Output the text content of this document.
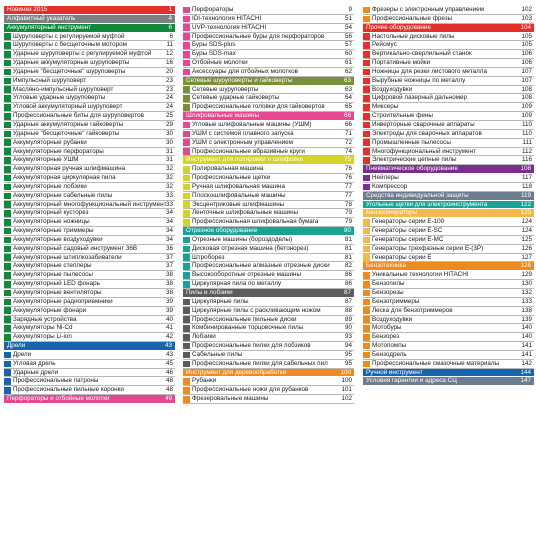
Новинки 2015	1
Алфавитный указатель	4
Аккумуляторный инструмент	6
Шуруповерты с регулируемой муфтой	6
Шуруповерты с бесщеточным мотором	11
Ударные шуруповерты с регулируемой муфтой 12
Ударные аккумуляторные шуруповерты	16
Ударные "бесщеточные" шуруповерты	20
Импульсный шуруповерт	23
Масляно-импульсный шуруповерт	23
Угловые ударные шуруповерты	24
Угловой аккумуляторный шуруповерт	24
Профессиональные биты для шуруповертов	25
Ударные аккумуляторные гайковерты	29
Ударные "бесщеточные" гайковерты	30
Аккумуляторные рубанки	30
Аккумуляторные перфораторы	31
Аккумуляторные УШМ	31
Аккумуляторная ручная шлифмашина	32
Аккумуляторная циркулярная пила	32
Аккумуляторные лобзики	32
Аккумуляторные сабельные пилы	33
Аккумуляторный многофункциональный инструмент 33
Аккумуляторный кусторез	34
Аккумуляторные ножницы	34
Аккумуляторные триммеры	34
Аккумуляторные воздуходувки	34
Аккумуляторный садовый инструмент 36В	36
Аккумуляторные штиплкозабиватели	37
Аккумуляторные степлеры	37
Аккумуляторные пылесосы	38
Аккумуляторный LED фонарь	38
Аккумуляторные вентиляторы	38
Аккумуляторные радиоприемники	39
Аккумуляторные фонари	39
Зарядные устройства	40
Аккумуляторы Ni-Cd	41
Аккумуляторы Li-ion	42
Дрели	43
Дрели	43
Угловая дрель	45
Ударные дрели	46
Профессиональные патроны	48
Профессиональные пильные коронки	48
Перфораторы и отбойные молотки	49
Перфораторы	9
IDI-технология HITACHI	51
UVP-технология HITACHI	54
Профессиональные буры для перфораторов	56
Буры SDS-plus	57
Буры SDS-max	60
Отбойные молотки	61
Аксессуары для отбойных молотков	62
Сетевые шуруповерты и гайковерты	63
Сетевые шуруповерты	63
Сетевые ударные гайковерты	64
Профессиональные головки для гайковертов	65
Шлифовальные машины	66
Угловые шлифовальные машины (УШМ)	66
УШМ с системой плавного запуска	71
УШМ с электронным управлением	72
Профессиональные абразивные круги	74
Инструмент для полировки и шлифовки	75
Полировальная машина	76
Профессиональные щетки	76
Ручная шлифовальная машина	77
Плоскошлифовальные машины	77
Эксцентриковые шлифмашины	78
Ленточные шлифовальные машины	79
Профессиональная шлифовальная бумага	79
Отрезное оборудование	80
Отрезные машины (бороздоделы)	81
Дисковая отрезная машина (бетонорез)	81
Штроборез	81
Профессиональные алмазные отрезные диски 82
Высокооборотные отрезные машины	86
Циркулярная пила по металлу	86
Пилы и лобзики	87
Циркулярные пилы	87
Циркулярные пилы с раскливающим ножом	88
Профессиональные пильные диски	89
Комбинированные торцовочные пилы	90
Лобзики	93
Профессиональные пилки для лобзиков	94
Сабельные пилы	95
Профессиональные пилки для сабельных пил	95
Инструмент для деревообработки	100
Рубанки	100
Профессиональные ножи для рубанков	101
Фрезеровальные машины	102
Фрезеры с электронным управлением	102
Профессиональные фрезы	103
Прочее оборудование	104
Настольные дисковые пилы	105
Рейсмус	105
Вертикально-сверлильный станок	106
Портативные мойки	106
Ножницы для резки листового металла	107
Вырубные ножницы по металлу	107
Воздуходувки	108
Цифровой лазерный дальномер	108
Миксеры	109
Строительные фены	109
Инверторные сварочные аппараты	110
Электроды для сварочных аппаратов	110
Промышленные пылесосы	111
Многофункциональный инструмент	112
Электрические цепные пилы	116
Пневматическое оборудование	108
Нейлеры	117
Компрессор	118
Средства индивидуальной защиты	119
Угольные щетки для электроинструмента	122
Бензогенераторы	123
Генераторы серии E-100	124
Генераторы серии E-SC	124
Генераторы серии E-MC	125
Генераторы трехфазные серии E-(3P)	126
Генераторы серии E	127
Бензотехника	128
Уникальные технологии HITACHI	129
Бензопилы	130
Бензорезы	132
Бензотриммеры	133
Леска для бензотриммеров	138
Воздуходувки	139
Мотобуры	140
Бензорез	140
Мотопомпы	141
Бензодрель	141
Профессиональные смазочные материалы	142
Ручной инструмент	144
Условия гарантии и адреса СЦ	147
